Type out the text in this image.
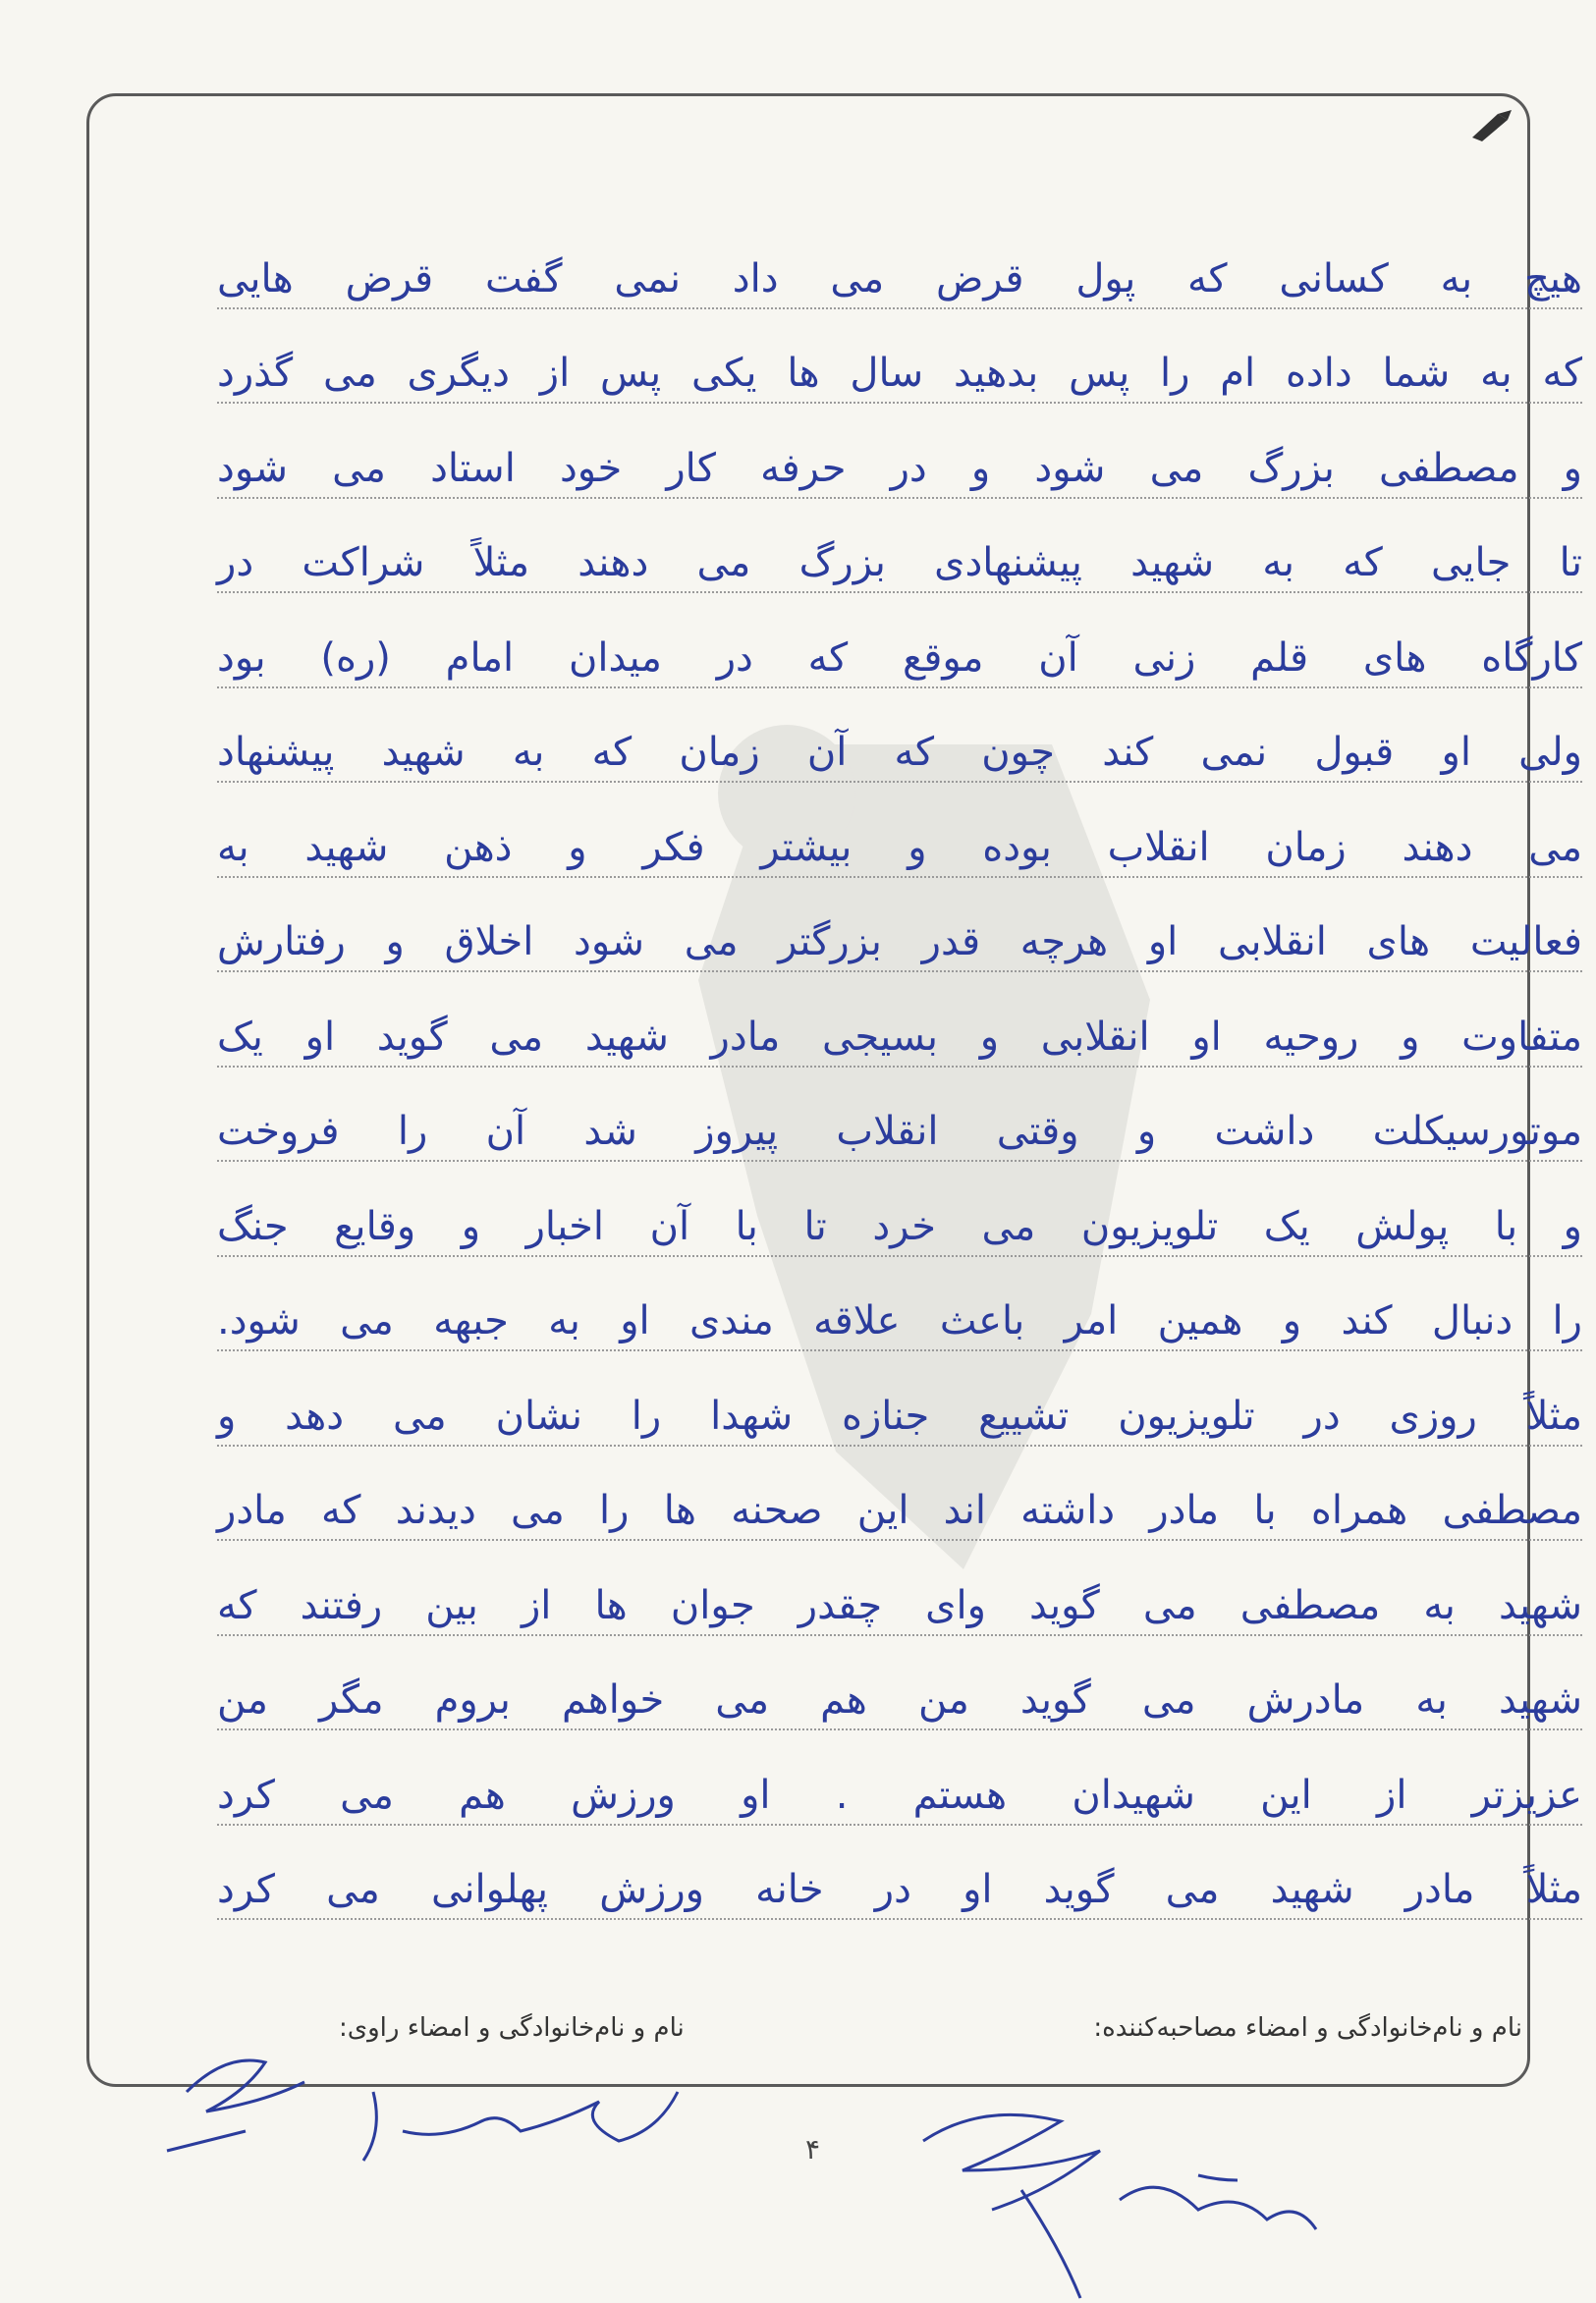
هیچ به کسانی که پول قرض می داد نمی گفت قرض هایی
که به شما داده ام را پس بدهید سال ها یکی پس از دیگری می گذرد
و مصطفی بزرگ می شود و در حرفه کار خود استاد می شود
تا جایی که به شهید پیشنهادی بزرگ می دهند مثلاً شراکت در
کارگاه های قلم زنی آن موقع که در میدان امام (ره) بود
ولی او قبول نمی کند چون که آن زمان که به شهید پیشنهاد
می دهند زمان انقلاب بوده و بیشتر فکر و ذهن شهید به
فعالیت های انقلابی او هرچه قدر بزرگتر می شود اخلاق و رفتارش
متفاوت و روحیه او انقلابی و بسیجی مادر شهید می گوید او یک
موتورسیکلت داشت و وقتی انقلاب پیروز شد آن را فروخت
و با پولش یک تلویزیون می خرد تا با آن اخبار و وقایع جنگ
را دنبال کند و همین امر باعث علاقه مندی او به جبهه می شود.
مثلاً روزی در تلویزیون تشییع جنازه شهدا را نشان می دهد و
مصطفی همراه با مادر داشته اند این صحنه ها را می دیدند که مادر
شهید به مصطفی می گوید وای چقدر جوان ها از بین رفتند که
شهید به مادرش می گوید من هم می خواهم بروم مگر من
عزیزتر از این شهیدان هستم . او ورزش هم می کرد
مثلاً مادر شهید می گوید او در خانه ورزش پهلوانی می کرد
نام و نام‌خانوادگی و امضاء مصاحبه‌کننده:
نام و نام‌خانوادگی و امضاء راوی:
۴
